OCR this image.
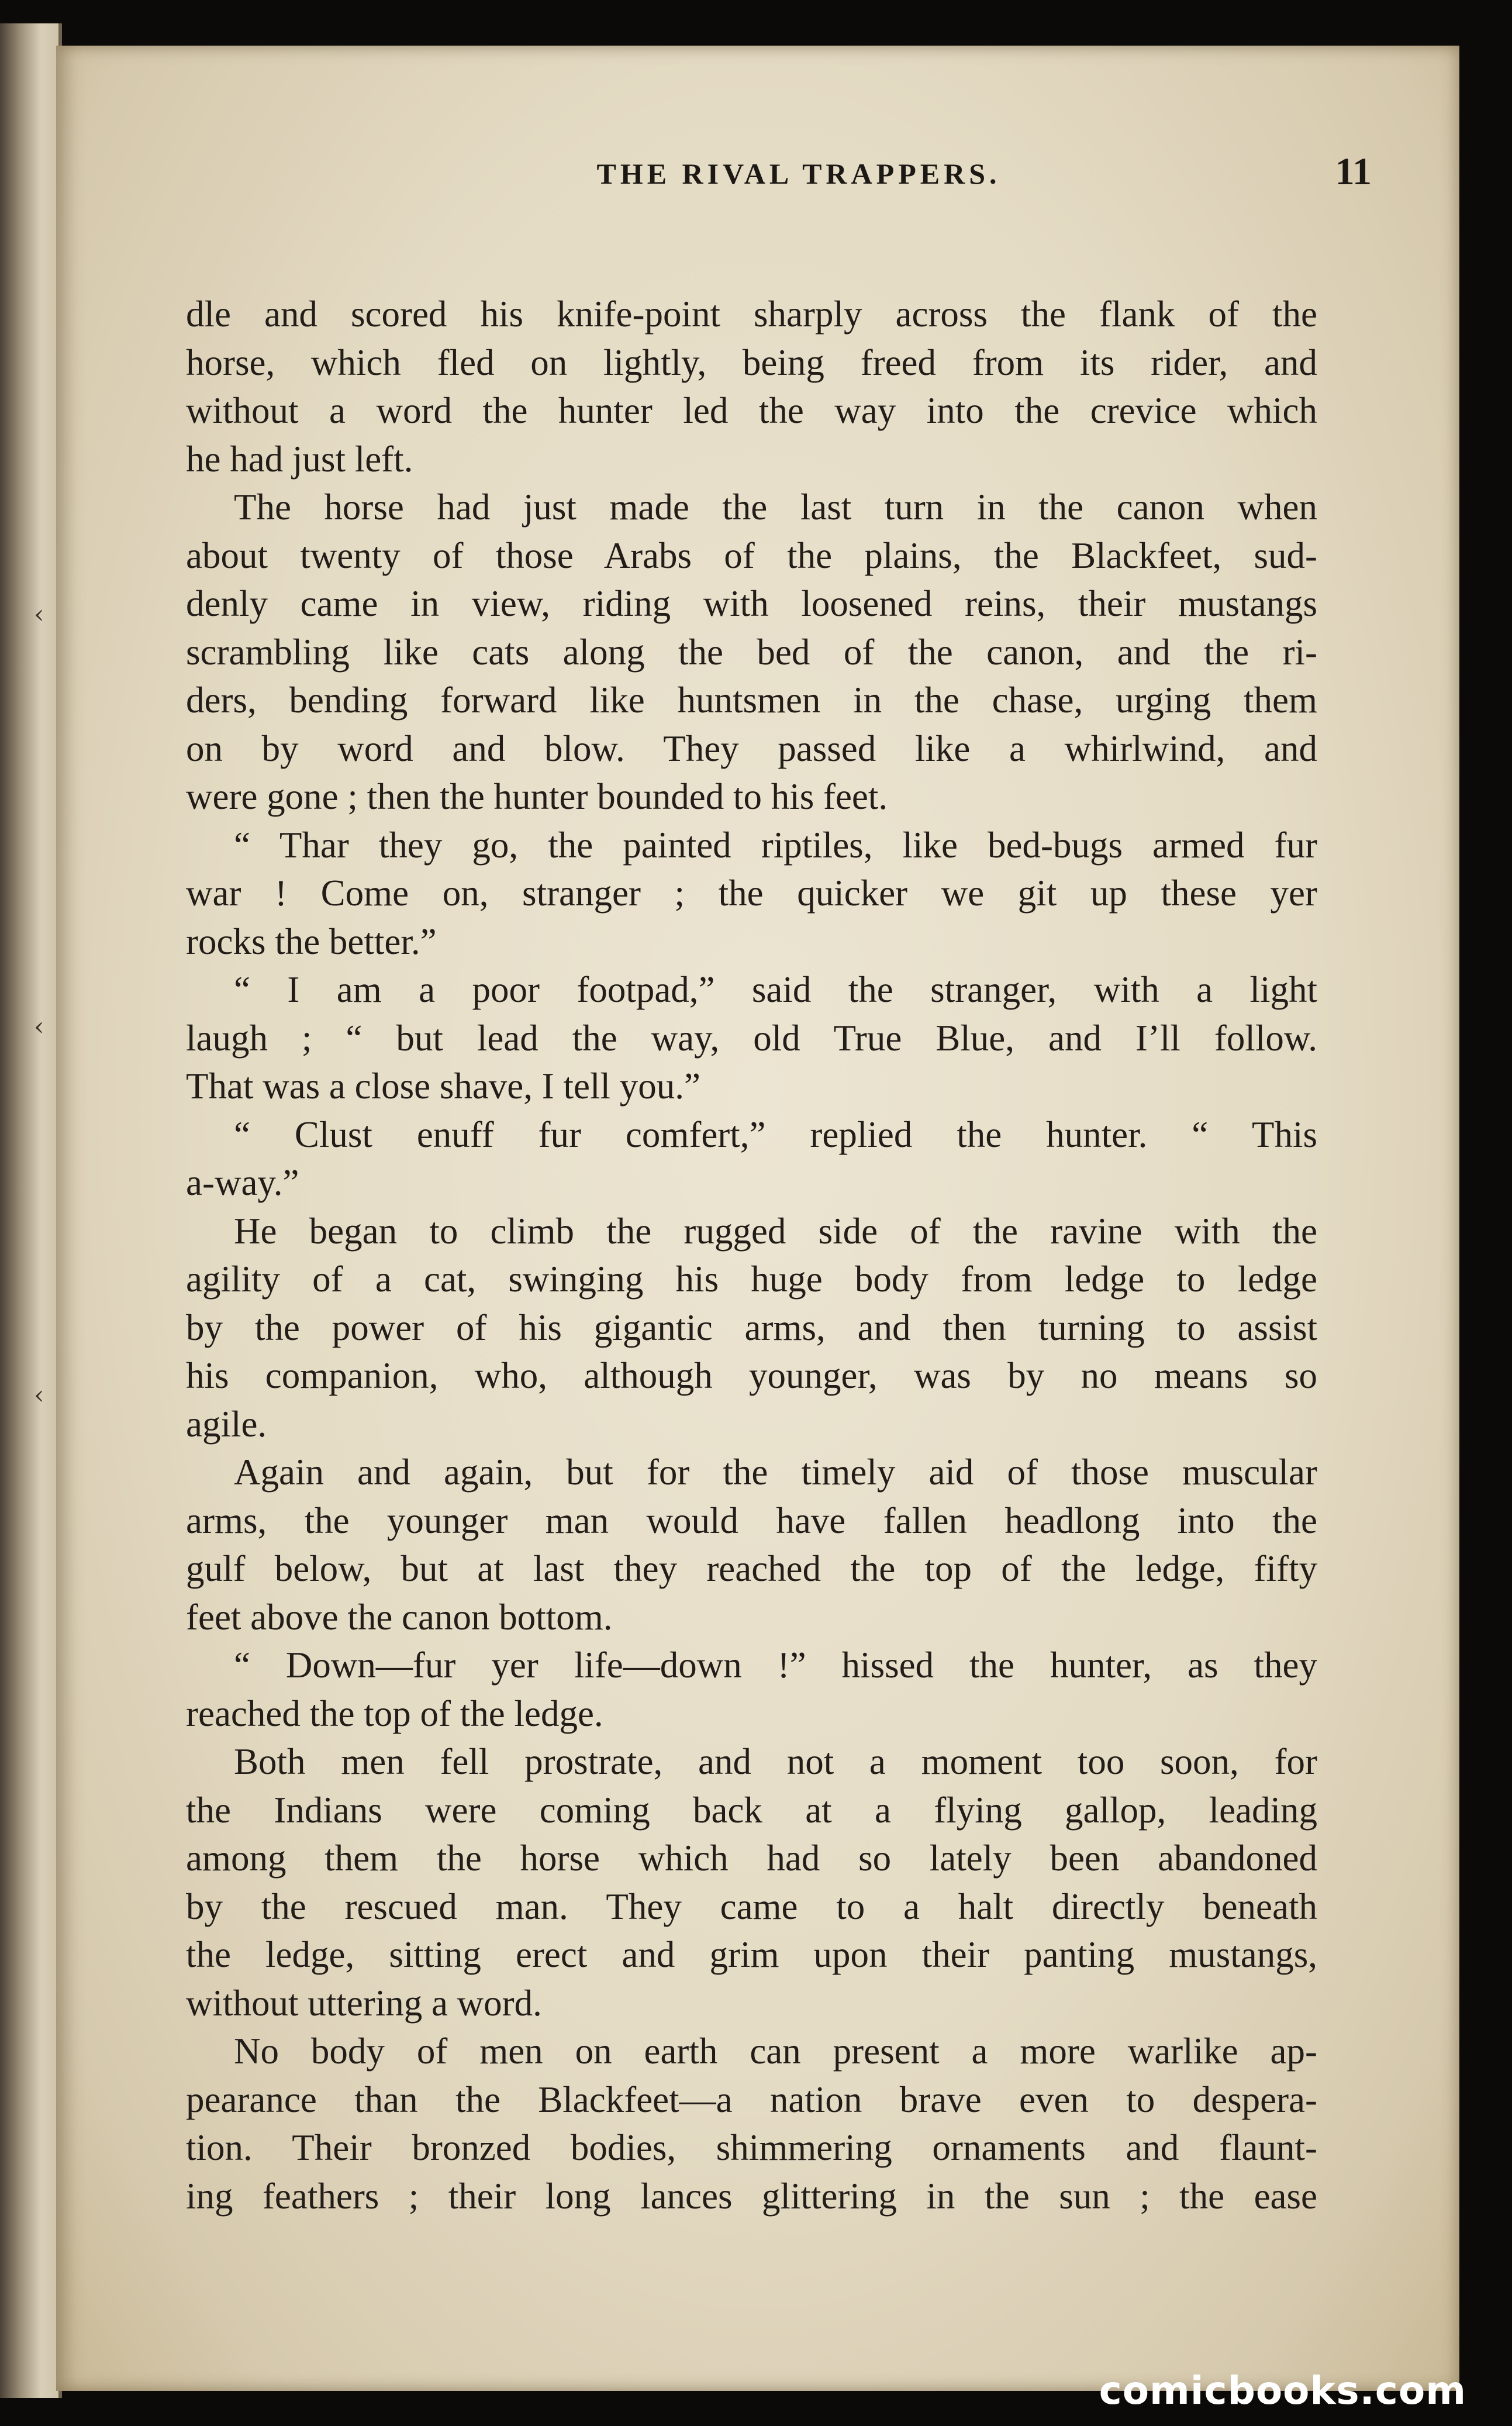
‹
‹
‹
THE RIVAL TRAPPERS.	11
dle and scored his knife-point sharply across the flank of the
horse, which fled on lightly, being freed from its rider, and
without a word the hunter led the way into the crevice which
he had just left.
The horse had just made the last turn in the canon when
about twenty of those Arabs of the plains, the Blackfeet, sud-
denly came in view, riding with loosened reins, their mustangs
scrambling like cats along the bed of the canon, and the ri-
ders, bending forward like huntsmen in the chase, urging them
on by word and blow. They passed like a whirlwind, and
were gone ; then the hunter bounded to his feet.
“ Thar they go, the painted riptiles, like bed-bugs armed fur
war ! Come on, stranger ; the quicker we git up these yer
rocks the better.”
“ I am a poor footpad,” said the stranger, with a light
laugh ; “ but lead the way, old True Blue, and I’ll follow.
That was a close shave, I tell you.”
“ Clust enuff fur comfert,” replied the hunter. “ This
a-way.”
He began to climb the rugged side of the ravine with the
agility of a cat, swinging his huge body from ledge to ledge
by the power of his gigantic arms, and then turning to assist
his companion, who, although younger, was by no means so
agile.
Again and again, but for the timely aid of those muscular
arms, the younger man would have fallen headlong into the
gulf below, but at last they reached the top of the ledge, fifty
feet above the canon bottom.
“ Down—fur yer life—down !” hissed the hunter, as they
reached the top of the ledge.
Both men fell prostrate, and not a moment too soon, for
the Indians were coming back at a flying gallop, leading
among them the horse which had so lately been abandoned
by the rescued man. They came to a halt directly beneath
the ledge, sitting erect and grim upon their panting mustangs,
without uttering a word.
No body of men on earth can present a more warlike ap-
pearance than the Blackfeet—a nation brave even to despera-
tion. Their bronzed bodies, shimmering ornaments and flaunt-
ing feathers ; their long lances glittering in the sun ; the ease
comicbooks.com
